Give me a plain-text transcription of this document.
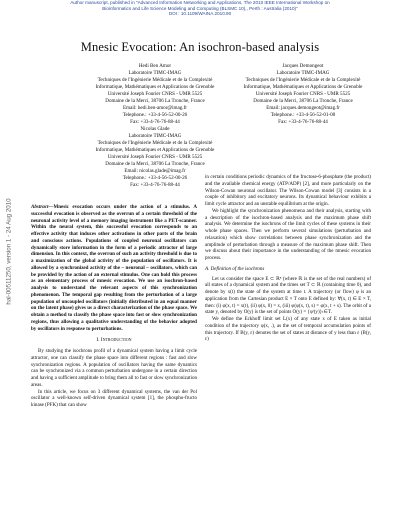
Author manuscript, published in "Advanced Information Networking and Applications, The 2010 IEEE International Workshop on
Bioinformatics and Life Science Modeling and Computing (BLSMC 10),, Perth : Australia (2010)"
DOI : 10.1109/WAINA.2010.90
hal-00511250, version 1 - 24 Aug 2010
Mnesic Evocation: An isochron-based analysis
Hedi Ben Amor
Laboratoire TIMC-IMAG
Techniques de l'Ingénierie Médicale et de la Complexité
Informatique, Mathématiques et Applications de Grenoble
Université Joseph Fourier CNRS - UMR 5525
Domaine de la Merci, 38706 La Tronche, France
Email: hedi.ben-amor@imag.fr
Telephone.: +33-4-56-52-00-26
Fax: +33-4-76-76-88-44
Jacques Demongeot
Laboratoire TIMC-IMAG
Techniques de l'Ingénierie Médicale et de la Complexité
Informatique, Mathématiques et Applications de Grenoble
Université Joseph Fourier CNRS - UMR 5525
Domaine de la Merci, 38706 La Tronche, France
Email: jacques.demongeot@imag.fr
Telephone.: +33-4-56-52-01-08
Fax: +33-4-76-76-88-44
Nicolas Glade
Laboratoire TIMC-IMAG
Techniques de l'Ingénierie Médicale et de la Complexité
Informatique, Mathématiques et Applications de Grenoble
Université Joseph Fourier CNRS - UMR 5525
Domaine de la Merci, 38706 La Tronche, France
Email: nicolas.glade@imag.fr
Telephone.: +33-4-56-52-00-26
Fax: +33-4-76-76-88-44

Abstract—Mnesic evocation occurs under the action of a stimulus. A successful evocation is observed as the overrun of a certain threshold of the neuronal activity level of a memory imaging instrument like a PET-scanner. Within the neural system, this successful evocation corresponds to an effective activity that induces other activations in other parts of the brain and conscious actions. Populations of coupled neuronal oscillators can dynamically store information in the form of a periodic attractor of large dimension. In this context, the overrun of such an activity threshold is due to a maximization of the global activity of the population of oscillators. It is allowed by a synchronized activity of the – neuronal – oscillators, which can be provided by the action of an external stimulus. One can hold this process as an elementary process of mnesic evocation. We use an isochron-based analysis to understand the relevant aspects of this synchronization phenomenon. The temporal gap resulting from the perturbation of a large population of uncoupled oscillators (initially distributed in an equal manner on the latent phase) gives us a direct characterization of the phase space. We obtain a method to classify the phase space into fast or slow synchronization regions, thus allowing a qualitative understanding of the behavior adopted by oscillators in response to perturbations.

I. Introduction

By studying the isochrons profil of a dynamical system having a limit cycle attractor, one can classify the phase space into different regions : fast and slow synchronization regions. A population of oscillators having the same dynamics can be synchronized via a common perturbation undergone in a certain direction and having a sufficient amplitude to bring them all to fast or slow synchronization areas.

In this article, we focus on 3 different dynamical systems, the van der Pol oscillator a well-known self-driven dynamical system [1], the phospho-fructo kinase (PFK) that can show

in certain conditions periodic dynamics of the fructose-6-phosphate (the product) and the available chemical energy (ATP/ADP) [2], and more particularly on the Wilson-Cowan neuronal oscillator. The Wilson-Cowan model [3] consists in a couple of inhibitory and excitatory neurons. Its dynamical behaviour exhibits a limit cycle attractor and an unstable equilibrium at the origin.

We highlight the synchronization phenomena and their analysis, starting with a description of the isochron-based analysis and the maximum phase shift analysis. We determine the isochrons of the limit cycles of these systems in their whole phase spaces. Then we perform several simulations (perturbation and relaxation) which show correlations between phase synchronization and the amplitude of perturbation through a measure of the maximum phase shift. Then we discuss about their importance in the understanding of the mnesic evocation process.

A. Definition of the isochrons

Let us consider the space E ⊂ ℝⁿ (where ℝ is the set of the real numbers) of all states of a dynamical system and the times set T ⊂ ℝ (containing time 0), and denote by x(t) the state of the system at time t. A trajectory (or flow) φ is an application from the Cartesian product E × T onto E defined by: ∀(x, t) ∈ E × T, then: (i) φ(x, t) = x(t), (ii) φ(x, 0) = x, (iii) φ(φ(x, t), s) = φ(x, t + s). The orbit of a state y, denoted by O(y) is the set of points O(y) = {φᵗ(y)}ₜ∈T.

We define the Eckhoff limit set L(x) of any state x of E taken as initial condition of the trajectory φ(x, .), as the set of temporal accumulation points of this trajectory. If B(y, ε) denotes the set of states at distance of y less than ε (B(y, ε)
